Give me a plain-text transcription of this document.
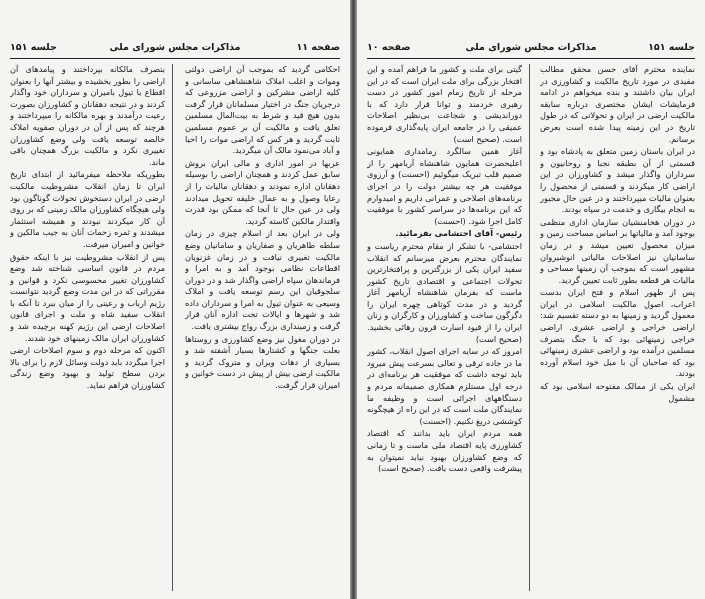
صفحه ۱۱
مذاکرات مجلس شورای ملی
جلسه ۱۵۱

احکامی گردید که بموجب آن اراضی دولتی وموات و اغلب املاک شاهنشاهی ساسانی و کلیه اراضی مشرکین و اراضی مزروعی که درجریان جنگ در اختیار مسلمانان قرار گرفت بدون هیچ قید و شرط به بیت‌المال مسلمین تعلق یافت و مالکیت آن بر عموم مسلمین ثابت گردید و هر کس که اراضی موات را احیا و آباد می‌نمود مالک آن میگردید.

عربها در امور اداری و مالی ایران بروش سابق عمل کردند و همچنان اراضی را بوسیله دهقانان اداره نمودند و دهقانان مالیات را از رعایا وصول و به عمال خلیفه تحویل میدادند ولی در عین حال تا آنجا که ممکن بود قدرت واقتدار مالکین کاسته گردید.

ولی در ایران بعد از اسلام چیزی در زمان سلطه طاهریان و صفاریان و سامانیان وضع مالکیت تغییری نیافت و در زمان غزنویان اقطاعات نظامی بوجود آمد و به امرا و فرماندهان سپاه اراضی واگذار شد و در دوران سلجوقیان این رسم توسعه یافت و املاک وسیعی به عنوان تیول به امرا و سرداران داده شد و شهرها و ایالات تحت اداره آنان قرار گرفت و زمینداری بزرگ رواج بیشتری یافت.

در دوران مغول نیز وضع کشاورزی و روستاها بعلت جنگها و کشتارها بسیار آشفته شد و بسیاری از دهات ویران و متروک گردید و مالکیت ارضی بیش از پیش در دست خوانین و امیران قرار گرفت.

بتصرف مالکانه بپرداختند و پیامدهای آن اراضی را بطور بخشیده و بیشتر آنها را بعنوان اقطاع یا تیول بامیران و سرداران خود واگذار کردند و در نتیجه دهقانان و کشاورزان بصورت رعیت درآمدند و بهره مالکانه را میپرداختند و هرچند که پس از آن در دوران صفویه املاک خالصه توسعه یافت ولی وضع کشاورزان تغییری نکرد و مالکیت بزرگ همچنان باقی ماند.

بطوریکه ملاحظه میفرمائید از ابتدای تاریخ ایران تا زمان انقلاب مشروطیت مالکیت ارضی در ایران دستخوش تحولات گوناگون بود ولی هیچگاه کشاورزان مالک زمینی که بر روی آن کار میکردند نبودند و همیشه استثمار میشدند و ثمره زحمات آنان به جیب مالکین و خوانین و امیران میرفت.

پس از انقلاب مشروطیت نیز با اینکه حقوق مردم در قانون اساسی شناخته شد وضع کشاورزان تغییر محسوسی نکرد و قوانین و مقرراتی که در این مدت وضع گردید نتوانست رژیم ارباب و رعیتی را از میان ببرد تا آنکه با انقلاب سفید شاه و ملت و اجرای قانون اصلاحات ارضی این رژیم کهنه برچیده شد و کشاورزان ایران مالک زمینهای خود شدند.

اکنون که مرحله دوم و سوم اصلاحات ارضی اجرا میگردد باید دولت وسائل لازم را برای بالا بردن سطح تولید و بهبود وضع زندگی کشاورزان فراهم نماید.

جلسه ۱۵۱
مذاکرات مجلس شورای ملی
صفحه ۱۰

نماینده محترم آقای حسن محقق مطالب مفیدی در مورد تاریخ مالکیت و کشاورزی در ایران بیان داشتند و بنده میخواهم در ادامه فرمایشات ایشان مختصری درباره سابقه مالکیت ارضی در ایران و تحولاتی که در طول تاریخ در این زمینه پیدا شده است بعرض برسانم.

در ایران باستان زمین متعلق به پادشاه بود و قسمتی از آن بطبقه نجبا و روحانیون و سرداران واگذار میشد و کشاورزان در این اراضی کار میکردند و قسمتی از محصول را بعنوان مالیات میپرداختند و در عین حال مجبور به انجام بیگاری و خدمت در سپاه بودند.

در دوران هخامنشیان سازمان اداری منظمی بوجود آمد و مالیاتها بر اساس مساحت زمین و میزان محصول تعیین میشد و در زمان ساسانیان نیز اصلاحات مالیاتی انوشیروان مشهور است که بموجب آن زمینها مساحی و مالیات هر قطعه بطور ثابت تعیین گردید.

پس از ظهور اسلام و فتح ایران بدست اعراب، اصول مالکیت اسلامی در ایران معمول گردید و زمینها به دو دسته تقسیم شد: اراضی خراجی و اراضی عشری. اراضی خراجی زمینهائی بود که با جنگ بتصرف مسلمین درآمده بود و اراضی عشری زمینهائی بود که صاحبان آن با میل خود اسلام آورده بودند.

ایران یکی از ممالک مفتوحه اسلامی بود که مشمول

گیتی برای ملت و کشور ما فراهم آمده و این افتخار بزرگی برای ملت ایران است که در این مرحله از تاریخ زمام امور کشور در دست رهبری خردمند و توانا قرار دارد که با دوراندیشی و شجاعت بی‌نظیر اصلاحات عمیقی را در جامعه ایران پایه‌گذاری فرموده است. (صحیح است)

آغاز همین سالگرد زمامداری همایونی اعلیحضرت همایون شاهنشاه آریامهر را از صمیم قلب تبریک میگوئیم (احسنت) و آرزوی موفقیت هر چه بیشتر دولت را در اجرای برنامه‌های اصلاحی و عمرانی داریم و امیدوارم که این برنامه‌ها در سراسر کشور با موفقیت کامل اجرا شود. (احسنت)

رئیس- آقای احتشامی بفرمائید.

احتشامی- با تشکر از مقام محترم ریاست و نمایندگان محترم بعرض میرسانم که انقلاب سفید ایران یکی از بزرگترین و پرافتخارترین تحولات اجتماعی و اقتصادی تاریخ کشور ماست که بفرمان شاهنشاه آریامهر آغاز گردید و در مدت کوتاهی چهره ایران را دگرگون ساخت و کشاورزان و کارگران و زنان ایران را از قیود اسارت قرون رهائی بخشید. (صحیح است)

امروز که در سایه اجرای اصول انقلاب، کشور ما در جاده ترقی و تعالی بسرعت پیش میرود باید توجه داشت که موفقیت هر برنامه‌ای در درجه اول مستلزم همکاری صمیمانه مردم و دستگاههای اجرائی است و وظیفه ما نمایندگان ملت است که در این راه از هیچگونه کوششی دریغ نکنیم. (احسنت)

همه مردم ایران باید بدانند که اقتصاد کشاورزی پایه اقتصاد ملی ماست و تا زمانی که وضع کشاورزان بهبود نیابد نمیتوان به پیشرفت واقعی دست یافت. (صحیح است)
